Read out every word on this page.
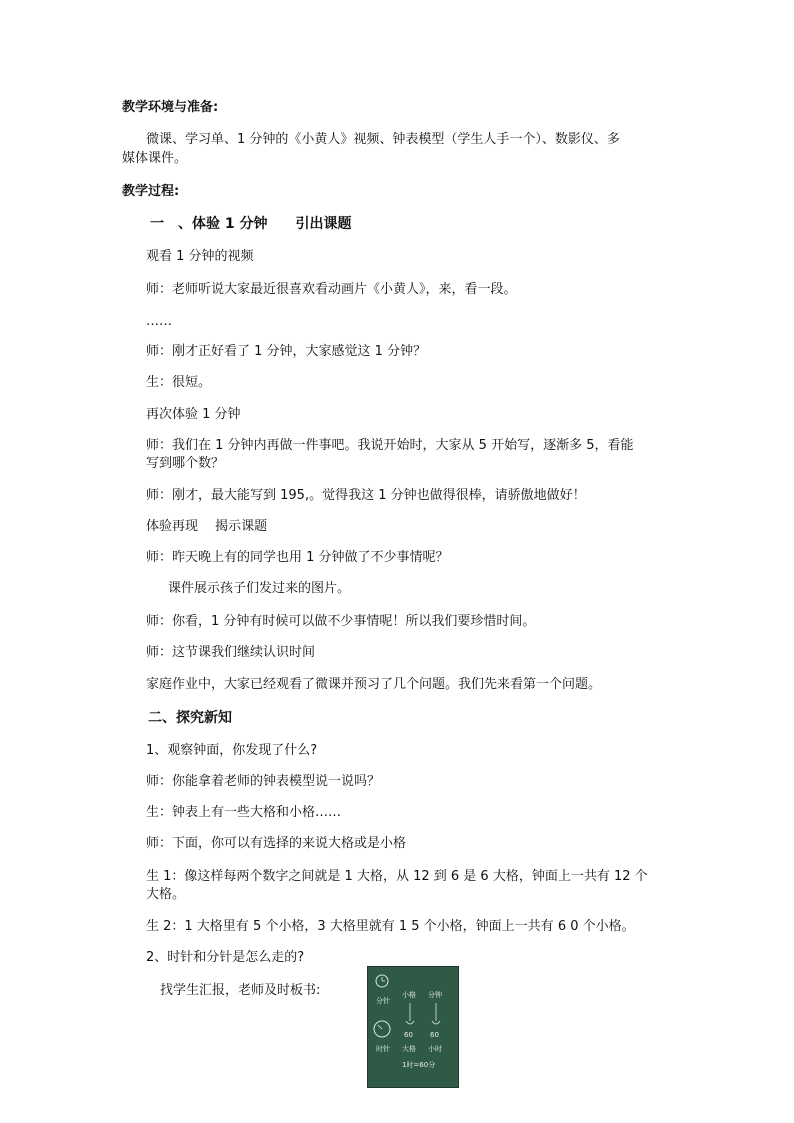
教学环境与准备:
微课、学习单、1 分钟的《小黄人》视频、钟表模型（学生人手一个）、数影仪、多
媒体课件。
教学过程:
一　、体验 1 分钟　　引出课题
观看 1 分钟的视频
师：老师听说大家最近很喜欢看动画片《小黄人》，来，看一段。
……
师：刚才正好看了 1 分钟，大家感觉这 1 分钟？
生：很短。
再次体验 1 分钟
师：我们在 1 分钟内再做一件事吧。我说开始时，大家从 5 开始写，逐渐多 5，看能
写到哪个数？
师：刚才，最大能写到 195,。觉得我这 1 分钟也做得很棒，请骄傲地做好！
体验再现　 揭示课题
师：昨天晚上有的同学也用 1 分钟做了不少事情呢？
课件展示孩子们发过来的图片。
师：你看，1 分钟有时候可以做不少事情呢！所以我们要珍惜时间。
师：这节课我们继续认识时间
家庭作业中，大家已经观看了微课并预习了几个问题。我们先来看第一个问题。
二、探究新知
1、观察钟面，你发现了什么?
师：你能拿着老师的钟表模型说一说吗？
生：钟表上有一些大格和小格……
师：下面，你可以有选择的来说大格或是小格
生 1：像这样每两个数字之间就是 1 大格，从 12 到 6 是 6 大格，钟面上一共有 12 个
大格。
生 2：1 大格里有 5 个小格，3 大格里就有 1 5 个小格，钟面上一共有 6 0 个小格。
2、时针和分针是怎么走的?
找学生汇报，老师及时板书:
分针
小格 分钟
60 60
时针 大格 小时
1时=60分
